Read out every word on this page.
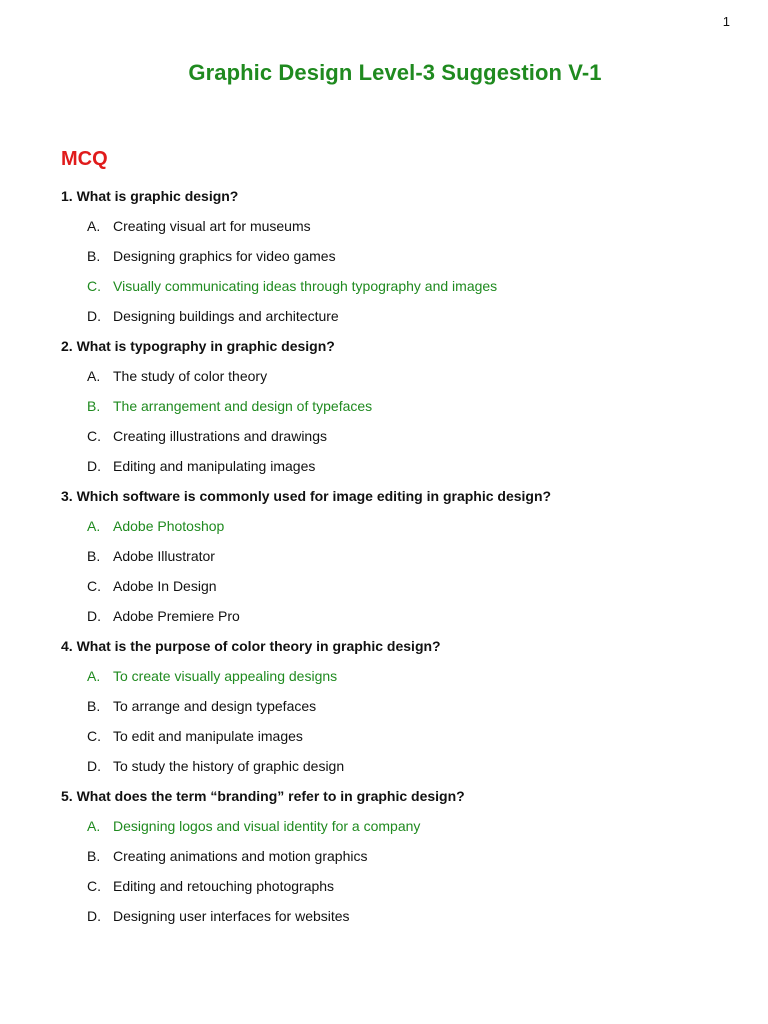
1
Graphic Design Level-3 Suggestion V-1
MCQ
1. What is graphic design?
A. Creating visual art for museums
B. Designing graphics for video games
C. Visually communicating ideas through typography and images
D. Designing buildings and architecture
2. What is typography in graphic design?
A. The study of color theory
B. The arrangement and design of typefaces
C. Creating illustrations and drawings
D. Editing and manipulating images
3. Which software is commonly used for image editing in graphic design?
A. Adobe Photoshop
B. Adobe Illustrator
C. Adobe In Design
D. Adobe Premiere Pro
4. What is the purpose of color theory in graphic design?
A. To create visually appealing designs
B. To arrange and design typefaces
C. To edit and manipulate images
D. To study the history of graphic design
5. What does the term “branding” refer to in graphic design?
A. Designing logos and visual identity for a company
B. Creating animations and motion graphics
C. Editing and retouching photographs
D. Designing user interfaces for websites
